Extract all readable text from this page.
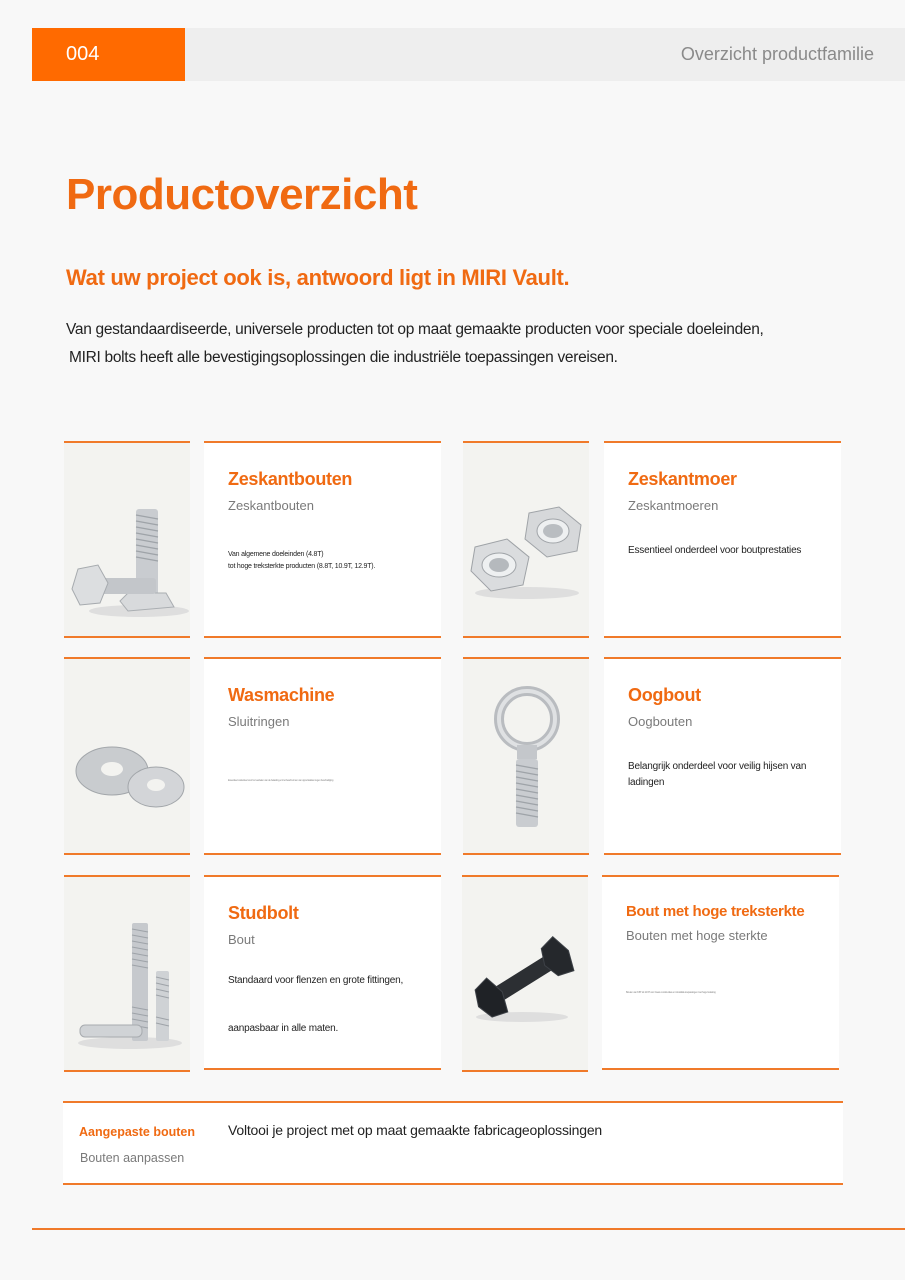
004	Overzicht productfamilie
Productoverzicht
Wat uw project ook is, antwoord ligt in MIRI Vault.

Van gestandaardiseerde, universele producten tot op maat gemaakte producten voor speciale doeleinden,
MIRI bolts heeft alle bevestigingsoplossingen die industriële toepassingen vereisen.

Zeskantbouten

Zeskantbouten

Van algemene doeleinden (4.8T)

tot hoge treksterkte producten (8.8T, 10.9T, 12.9T).

Zeskantmoer

Zeskantmoeren

Essentieel onderdeel voor boutprestaties

Wasmachine

Sluitringen

Essentieel onderdeel voor het verdelen van de belasting en het beschermen van oppervlakken tegen beschadiging

Oogbout

Oogbouten

Belangrijk onderdeel voor veilig hijsen van

ladingen

Studbolt

Bout

Standaard voor flenzen en grote fittingen,

aanpasbaar in alle maten.

Bout met hoge treksterkte

Bouten met hoge sterkte

Bouten van 8.8T tot 12.9T voor zware constructies en industriële toepassingen met hoge belasting

Aangepaste bouten
Bouten aanpassen
Voltooi je project met op maat gemaakte fabricageoplossingen
